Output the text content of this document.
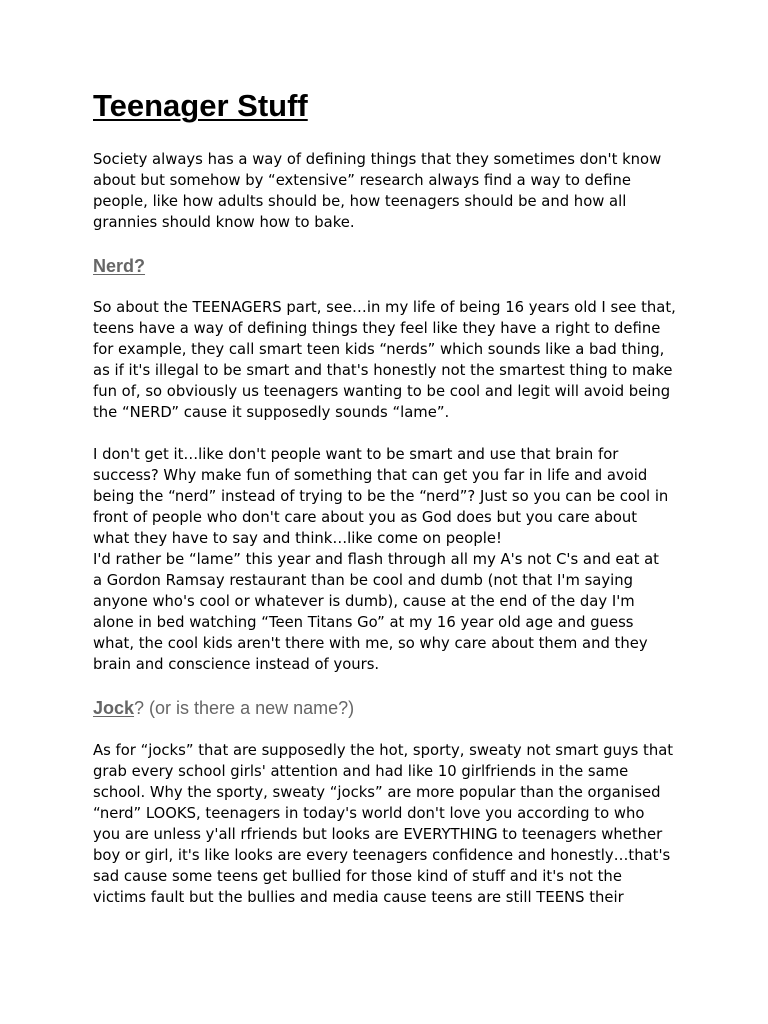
Teenager Stuff

Society always has a way of defining things that they sometimes don't know
about but somehow by “extensive” research always find a way to define
people, like how adults should be, how teenagers should be and how all
grannies should know how to bake.

Nerd?

So about the TEENAGERS part, see…in my life of being 16 years old I see that,
teens have a way of defining things they feel like they have a right to define
for example, they call smart teen kids “nerds” which sounds like a bad thing,
as if it's illegal to be smart and that's honestly not the smartest thing to make
fun of, so obviously us teenagers wanting to be cool and legit will avoid being
the “NERD” cause it supposedly sounds “lame”.

I don't get it…like don't people want to be smart and use that brain for
success? Why make fun of something that can get you far in life and avoid
being the “nerd” instead of trying to be the “nerd”? Just so you can be cool in
front of people who don't care about you as God does but you care about
what they have to say and think…like come on people!
I'd rather be “lame” this year and flash through all my A's not C's and eat at
a Gordon Ramsay restaurant than be cool and dumb (not that I'm saying
anyone who's cool or whatever is dumb), cause at the end of the day I'm
alone in bed watching “Teen Titans Go” at my 16 year old age and guess
what, the cool kids aren't there with me, so why care about them and they
brain and conscience instead of yours.

Jock? (or is there a new name?)

As for “jocks” that are supposedly the hot, sporty, sweaty not smart guys that
grab every school girls' attention and had like 10 girlfriends in the same
school. Why the sporty, sweaty “jocks” are more popular than the organised
“nerd” LOOKS, teenagers in today's world don't love you according to who
you are unless y'all rfriends but looks are EVERYTHING to teenagers whether
boy or girl, it's like looks are every teenagers confidence and honestly…that's
sad cause some teens get bullied for those kind of stuff and it's not the
victims fault but the bullies and media cause teens are still TEENS their
